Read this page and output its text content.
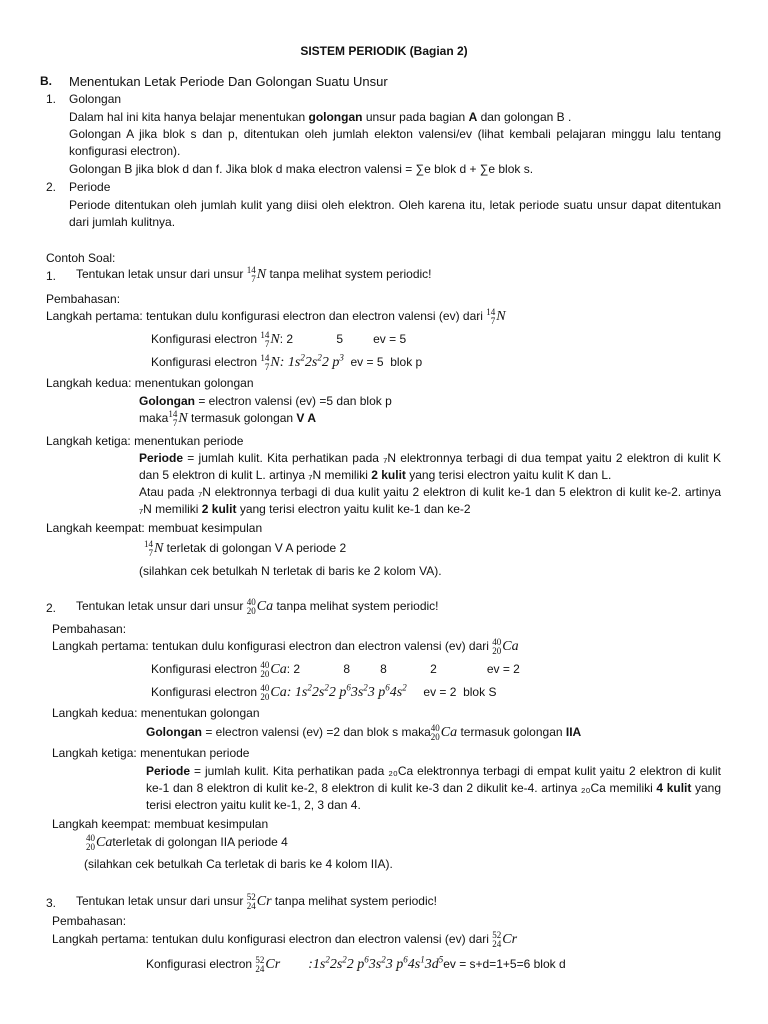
SISTEM PERIODIK (Bagian 2)
B. Menentukan Letak Periode Dan Golongan Suatu Unsur
1. Golongan
Dalam hal ini kita hanya belajar menentukan golongan unsur pada bagian A dan golongan B .
Golongan A jika blok s dan p, ditentukan oleh jumlah elekton valensi/ev (lihat kembali pelajaran minggu lalu tentang konfigurasi electron).
Golongan B jika blok d dan f. Jika blok d maka electron valensi = ∑e blok d + ∑e blok s.
2. Periode
Periode ditentukan oleh jumlah kulit yang diisi oleh elektron. Oleh karena itu, letak periode suatu unsur dapat ditentukan dari jumlah kulitnya.
Contoh Soal:
1. Tentukan letak unsur dari unsur 14
7 N tanpa melihat system periodic!
Pembahasan:
Langkah pertama: tentukan dulu konfigurasi electron dan electron valensi (ev) dari 14
7 N
Konfigurasi electron 14
7 N: 2             5         ev = 5
Konfigurasi electron 14
7 N: $1s^22s^22$ $p^3$  ev = 5  blok p
Langkah kedua: menentukan golongan
Golongan = electron valensi (ev) =5 dan blok p
maka 14
7 N termasuk golongan V A
Langkah ketiga: menentukan periode
Periode = jumlah kulit. Kita perhatikan pada ₇N elektronnya terbagi di dua tempat yaitu 2 elektron di kulit K dan 5 elektron di kulit L. artinya ₇N memiliki 2 kulit yang terisi electron yaitu kulit K dan L.
Atau pada ₇N elektronnya terbagi di dua kulit yaitu 2 elektron di kulit ke-1 dan 5 elektron di kulit ke-2. artinya ₇N memiliki 2 kulit yang terisi electron yaitu kulit ke-1 dan ke-2
Langkah keempat: membuat kesimpulan
14
7 N terletak di golongan V A periode 2
(silahkan cek betulkah N terletak di baris ke 2 kolom VA).
2. Tentukan letak unsur dari unsur 40
20 Ca tanpa melihat system periodic!
Pembahasan:
Langkah pertama: tentukan dulu konfigurasi electron dan electron valensi (ev) dari 40
20 Ca
Konfigurasi electron 40
20 Ca: 2             8         8             2               ev = 2
Konfigurasi electron 40
20 Ca: $1s^22s^22$ $p^63s^23$ $p^64s^2$     ev = 2  blok S
Langkah kedua: menentukan golongan
Golongan = electron valensi (ev) =2 dan blok s maka 40
20 Ca termasuk golongan IIA
Langkah ketiga: menentukan periode
Periode = jumlah kulit. Kita perhatikan pada ₂₀Ca elektronnya terbagi di empat kulit yaitu 2 elektron di kulit ke-1 dan 8 elektron di kulit ke-2, 8 elektron di kulit ke-3 dan 2 dikulit ke-4. artinya ₂₀Ca memiliki 4 kulit yang terisi electron yaitu kulit ke-1, 2, 3 dan 4.
Langkah keempat: membuat kesimpulan
40
20 Caterletak di golongan IIA periode 4
(silahkan cek betulkah Ca terletak di baris ke 4 kolom IIA).
3. Tentukan letak unsur dari unsur 52
24 Cr tanpa melihat system periodic!
Pembahasan:
Langkah pertama: tentukan dulu konfigurasi electron dan electron valensi (ev) dari 52
24 Cr
Konfigurasi electron 52
24 Cr $:1s^22s^22$ $p^63s^23$ $p^64s^13d^5ev = s+d=1+5=6$ blok d
